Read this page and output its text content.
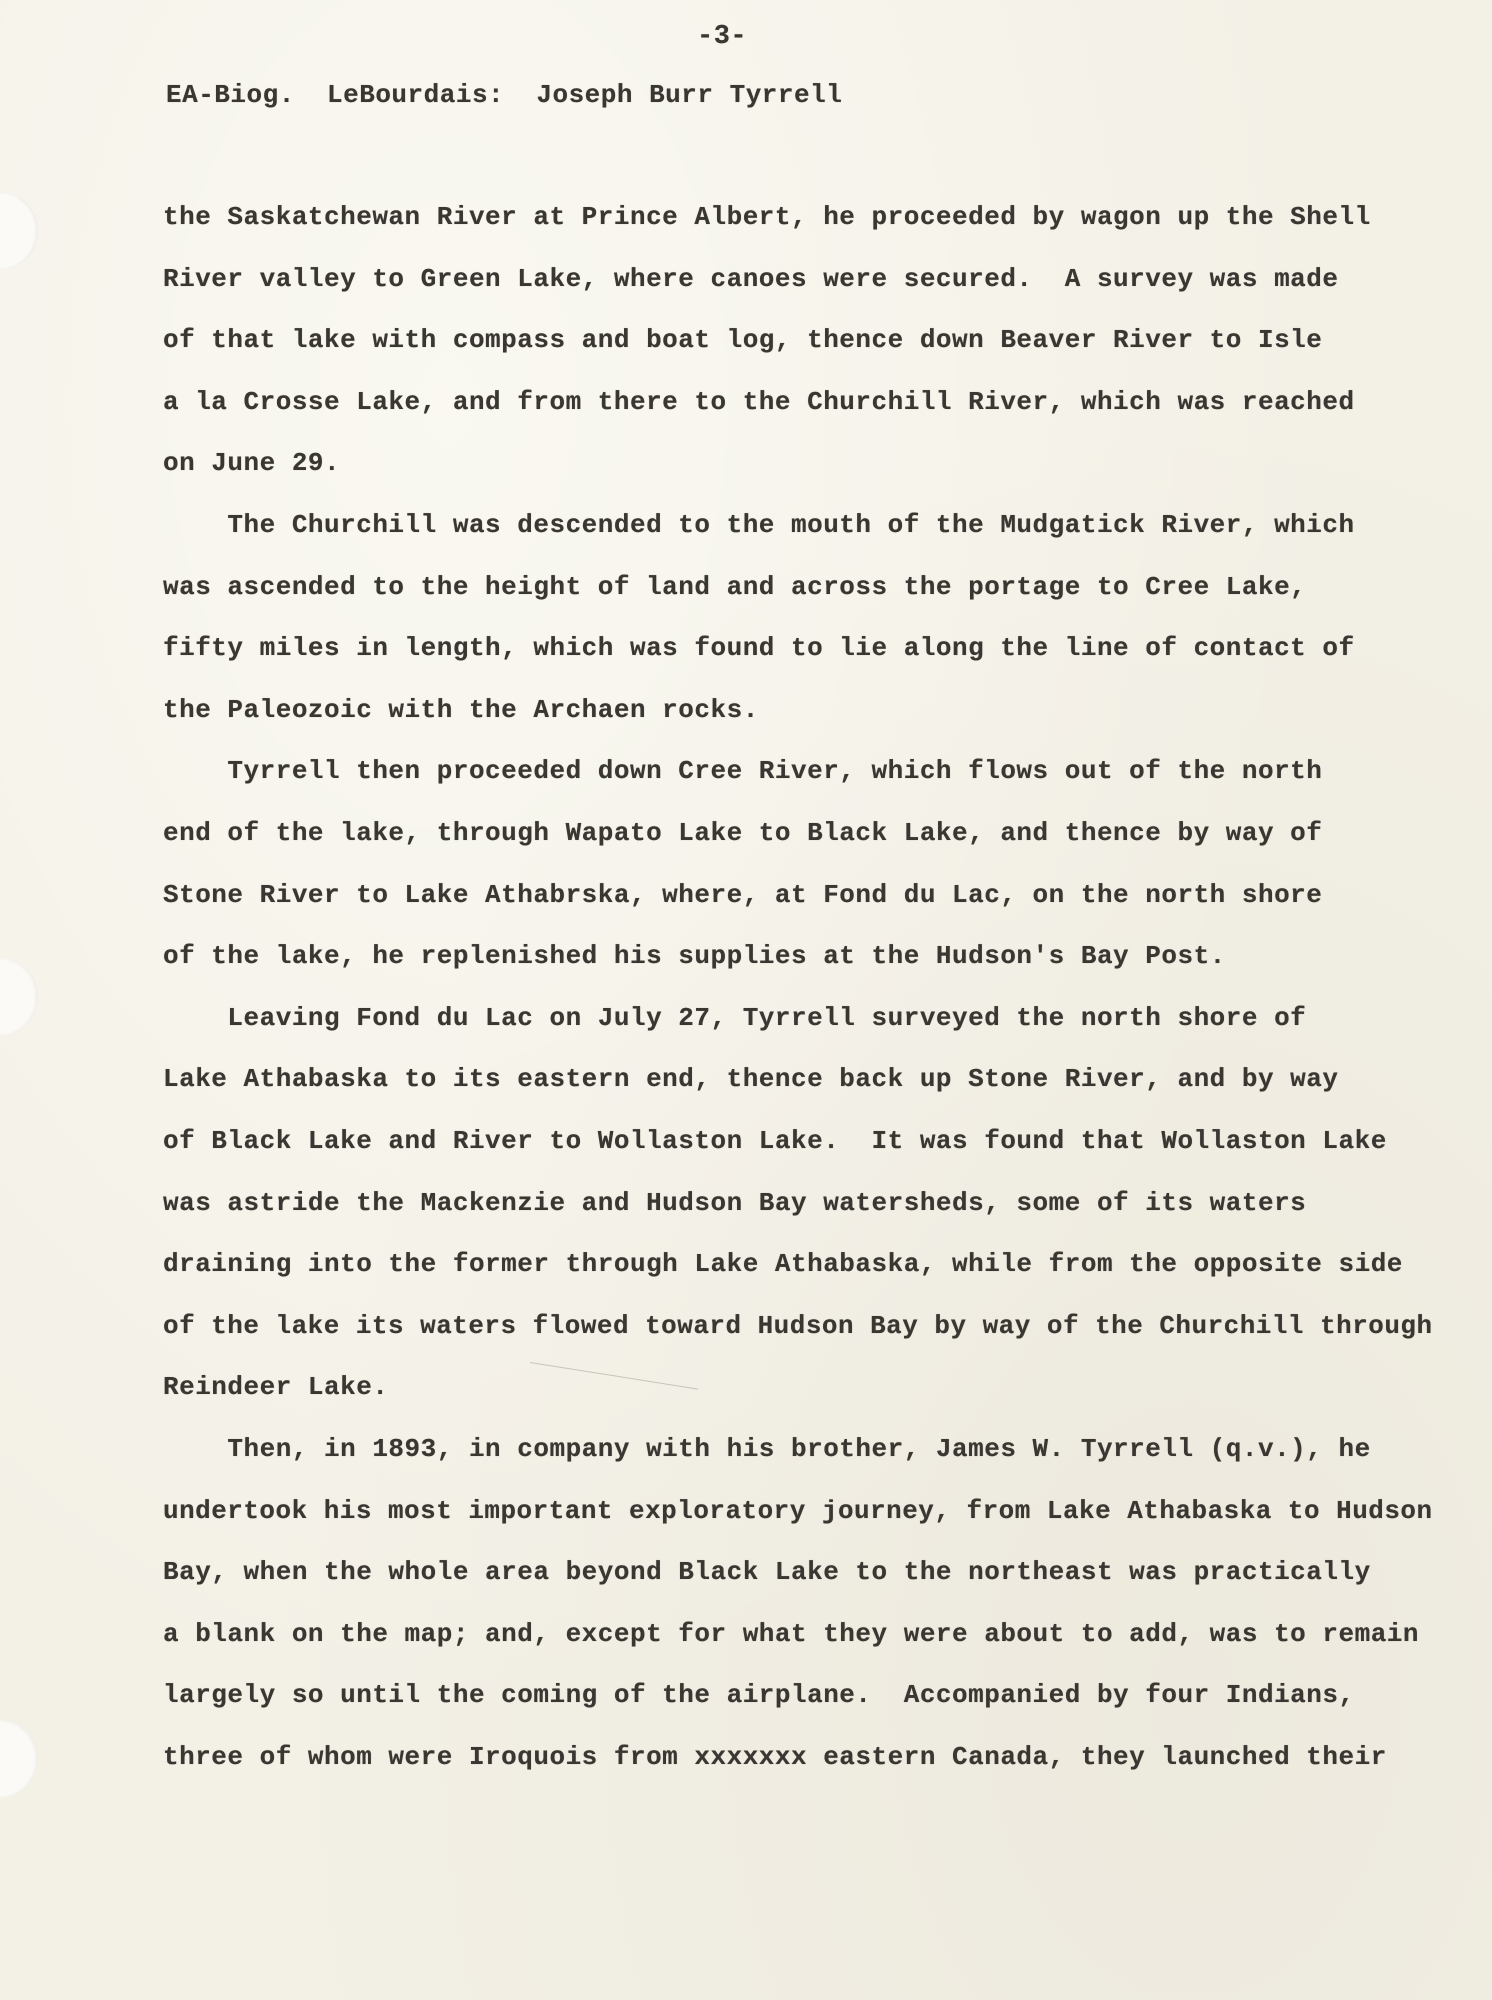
-3-

EA-Biog.  LeBourdais:  Joseph Burr Tyrrell

the Saskatchewan River at Prince Albert, he proceeded by wagon up the Shell

River valley to Green Lake, where canoes were secured.  A survey was made

of that lake with compass and boat log, thence down Beaver River to Isle

a la Crosse Lake, and from there to the Churchill River, which was reached

on June 29.

The Churchill was descended to the mouth of the Mudgatick River, which

was ascended to the height of land and across the portage to Cree Lake,

fifty miles in length, which was found to lie along the line of contact of

the Paleozoic with the Archaen rocks.

Tyrrell then proceeded down Cree River, which flows out of the north

end of the lake, through Wapato Lake to Black Lake, and thence by way of

Stone River to Lake Athabrska, where, at Fond du Lac, on the north shore

of the lake, he replenished his supplies at the Hudson's Bay Post.

Leaving Fond du Lac on July 27, Tyrrell surveyed the north shore of

Lake Athabaska to its eastern end, thence back up Stone River, and by way

of Black Lake and River to Wollaston Lake.  It was found that Wollaston Lake

was astride the Mackenzie and Hudson Bay watersheds, some of its waters

draining into the former through Lake Athabaska, while from the opposite side

of the lake its waters flowed toward Hudson Bay by way of the Churchill through

Reindeer Lake.

Then, in 1893, in company with his brother, James W. Tyrrell (q.v.), he

undertook his most important exploratory journey, from Lake Athabaska to Hudson

Bay, when the whole area beyond Black Lake to the northeast was practically

a blank on the map; and, except for what they were about to add, was to remain

largely so until the coming of the airplane.  Accompanied by four Indians,

three of whom were Iroquois from xxxxxxx eastern Canada, they launched their
